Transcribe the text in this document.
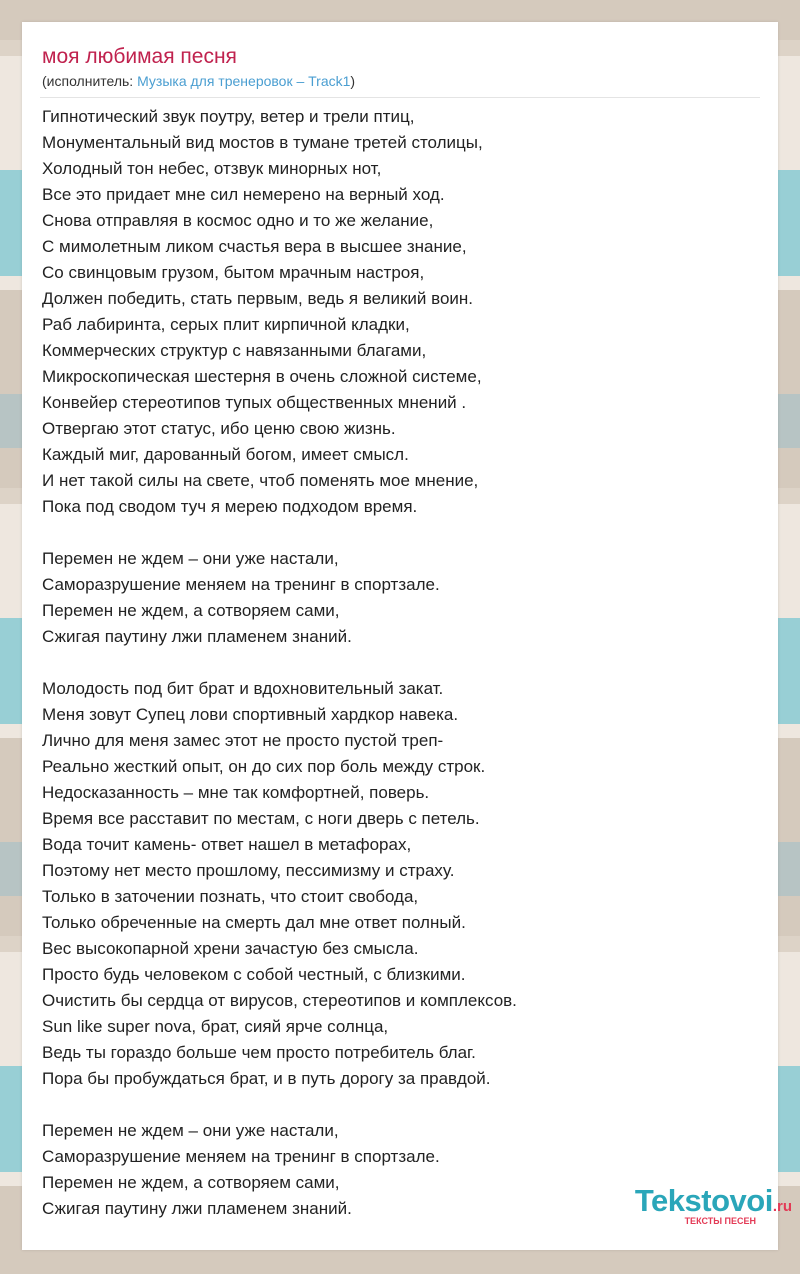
моя любимая песня
(исполнитель: Музыка для тренеровок – Track1)
Гипнотический звук поутру, ветер и трели птиц,
Монументальный вид мостов в тумане третей столицы,
Холодный тон небес, отзвук минорных нот,
Все это придает мне сил немерено на верный ход.
Снова отправляя в космос одно и то же желание,
С мимолетным ликом счастья вера в высшее знание,
Со свинцовым грузом, бытом мрачным настроя,
Должен победить, стать первым, ведь я великий воин.
Раб лабиринта, серых плит кирпичной кладки,
Коммерческих структур с навязанными благами,
Микроскопическая шестерня в очень сложной системе,
Конвейер стереотипов тупых общественных мнений .
Отвергаю этот статус, ибо ценю свою жизнь.
Каждый миг, дарованный богом, имеет смысл.
И нет такой силы на свете, чтоб поменять мое мнение,
Пока под сводом туч я мерею подходом время.
Перемен не ждем – они уже настали,
Саморазрушение меняем на тренинг в спортзале.
Перемен не ждем, а сотворяем сами,
Сжигая паутину лжи пламенем знаний.
Молодость под бит брат и вдохновительный закат.
Меня зовут Супец лови спортивный хардкор навека.
Лично для меня замес этот не просто пустой треп-
Реально жесткий опыт, он до сих пор боль между строк.
Недосказанность – мне так комфортней, поверь.
Время все расставит по местам, с ноги дверь с петель.
Вода точит камень- ответ нашел в метафорах,
Поэтому нет место прошлому, пессимизму и страху.
Только в заточении познать, что стоит свобода,
Только обреченные на смерть дал мне ответ полный.
Вес высокопарной хрени зачастую без смысла.
Просто будь человеком с собой честный, с близкими.
Очистить бы сердца от вирусов, стереотипов и комплексов.
Sun like super nova, брат, сияй ярче солнца,
Ведь ты гораздо больше чем просто потребитель благ.
Пора бы пробуждаться брат, и в путь дорогу за правдой.
Перемен не ждем – они уже настали,
Саморазрушение меняем на тренинг в спортзале.
Перемен не ждем, а сотворяем сами,
Сжигая паутину лжи пламенем знаний.	Tekstovoi.ru
ТЕКСТЫ ПЕСЕН
